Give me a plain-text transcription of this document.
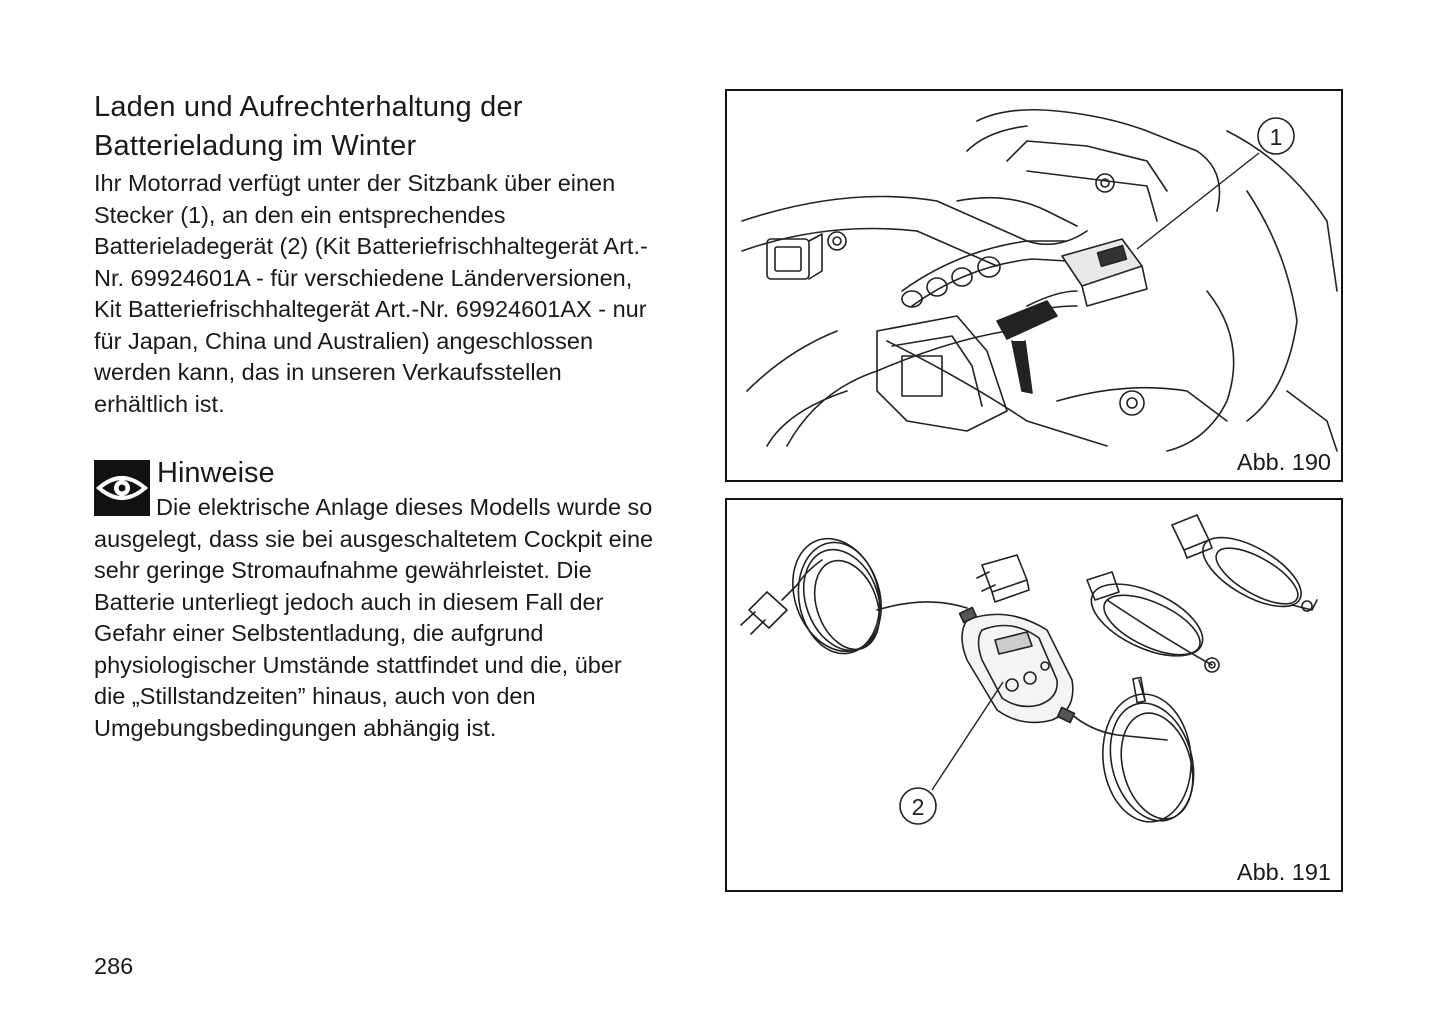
Laden und Aufrechterhaltung der
Batterieladung im Winter
Ihr Motorrad verfügt unter der Sitzbank über einen
Stecker (1), an den ein entsprechendes
Batterieladegerät (2) (Kit Batteriefrischhaltegerät Art.-
Nr. 69924601A - für verschiedene Länderversionen,
Kit Batteriefrischhaltegerät Art.-Nr. 69924601AX - nur
für Japan, China und Australien) angeschlossen
werden kann, das in unseren Verkaufsstellen
erhältlich ist.
Hinweise
Die elektrische Anlage dieses Modells wurde so
ausgelegt, dass sie bei ausgeschaltetem Cockpit eine
sehr geringe Stromaufnahme gewährleistet. Die
Batterie unterliegt jedoch auch in diesem Fall der
Gefahr einer Selbstentladung, die aufgrund
physiologischer Umstände stattfindet und die, über
die „Stillstandzeiten” hinaus, auch von den
Umgebungsbedingungen abhängig ist.
1
Abb. 190
2
Abb. 191
286
